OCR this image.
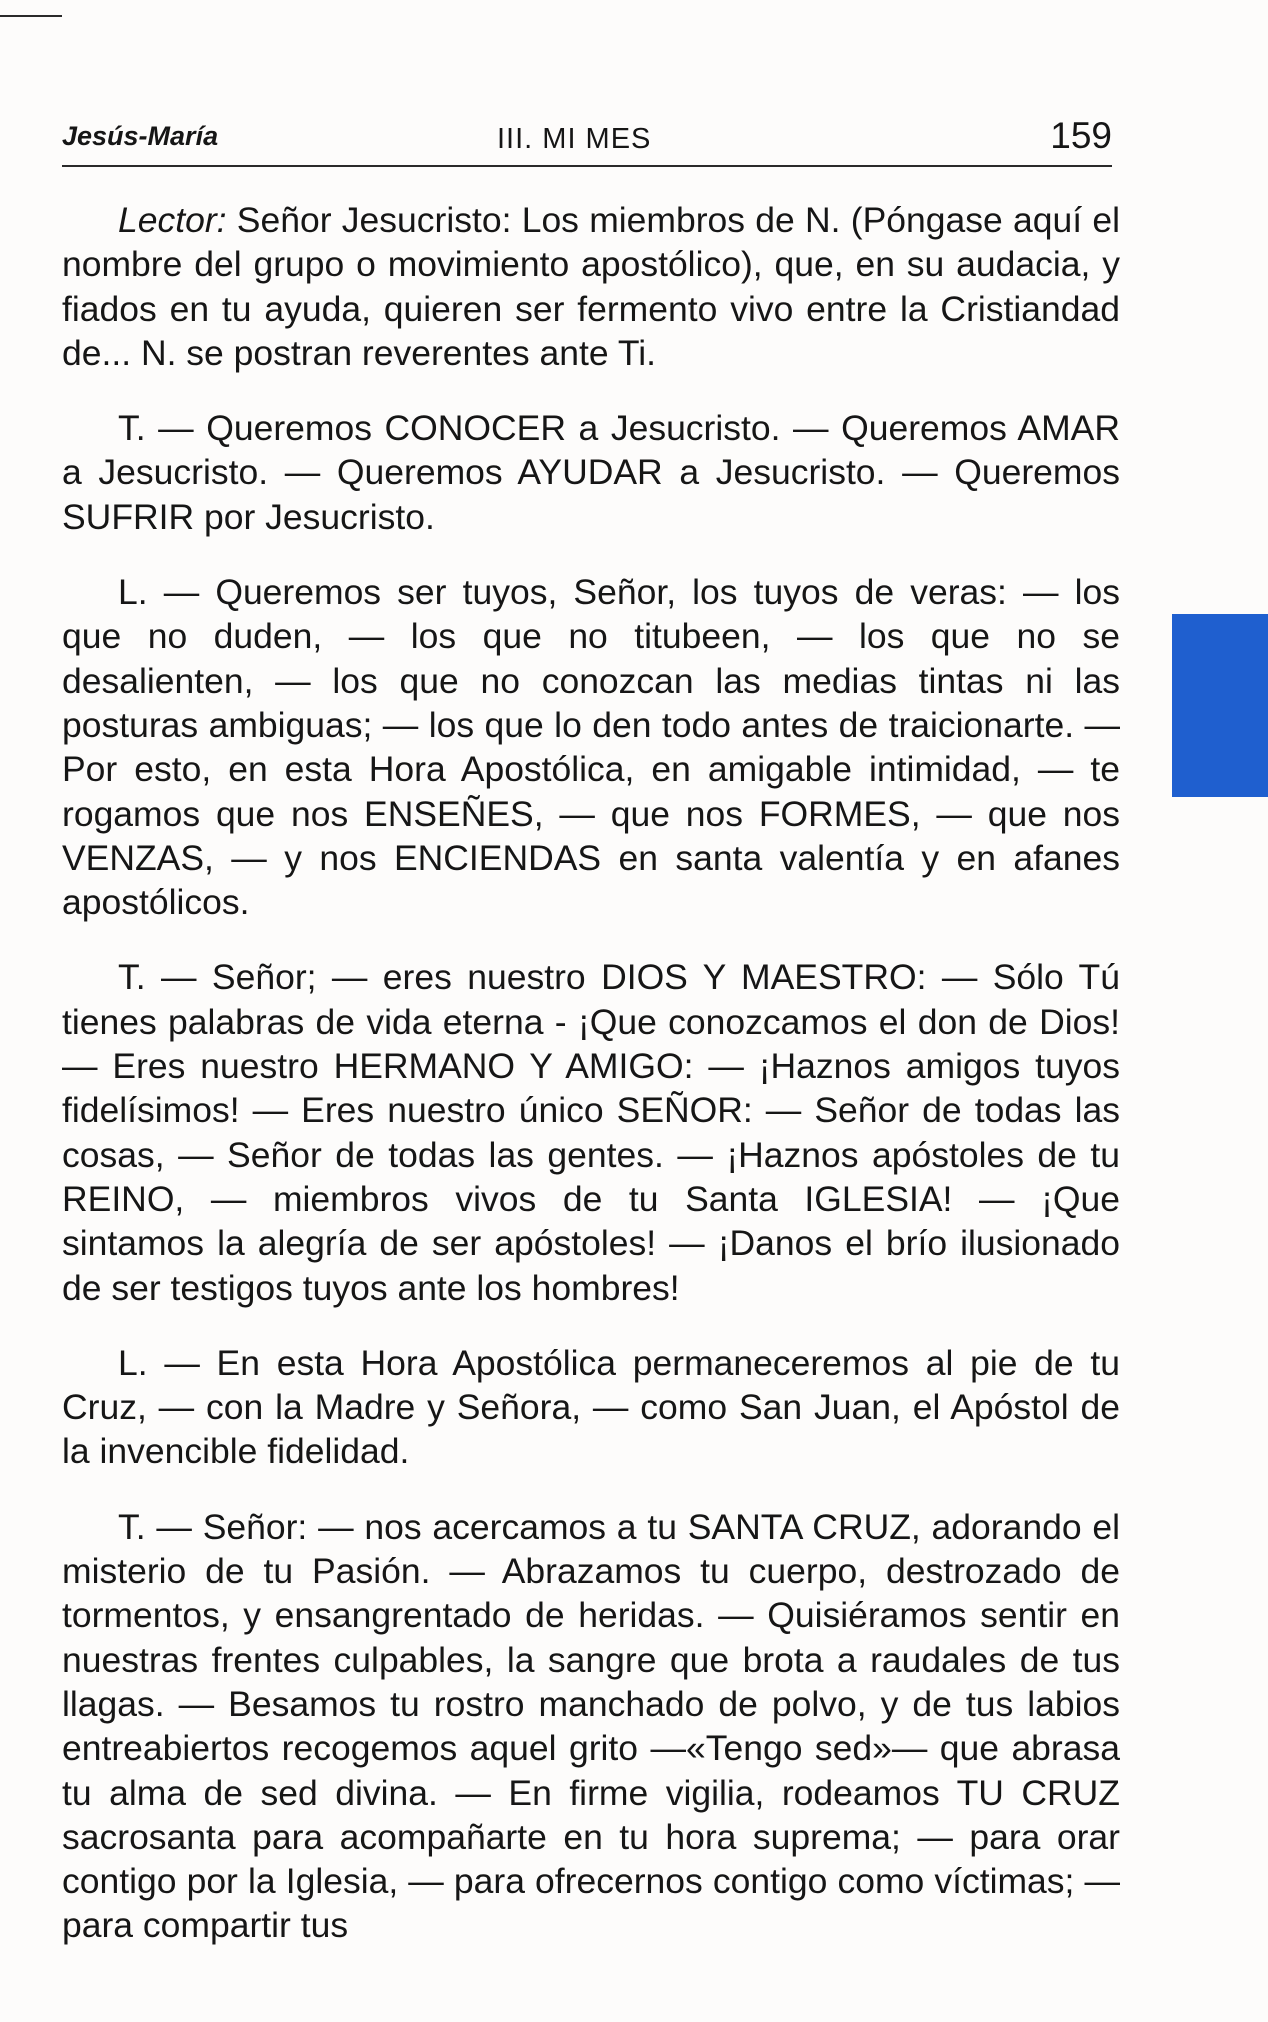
Jesús-María	III. MI MES	159

Lector: Señor Jesucristo: Los miembros de N. (Póngase aquí el nombre del grupo o movimiento apostólico), que, en su audacia, y fiados en tu ayuda, quieren ser fermento vivo entre la Cristiandad de... N. se postran reverentes ante Ti.

T. — Queremos CONOCER a Jesucristo. — Queremos AMAR a Jesucristo. — Queremos AYUDAR a Jesucristo. — Queremos SUFRIR por Jesucristo.

L. — Queremos ser tuyos, Señor, los tuyos de veras: — los que no duden, — los que no titubeen, — los que no se desalienten, — los que no conozcan las medias tintas ni las posturas ambiguas; — los que lo den todo antes de traicionarte. — Por esto, en esta Hora Apostólica, en amigable intimidad, — te rogamos que nos ENSEÑES, — que nos FORMES, — que nos VENZAS, — y nos ENCIENDAS en santa valentía y en afanes apostólicos.

T. — Señor; — eres nuestro DIOS Y MAESTRO: — Sólo Tú tienes palabras de vida eterna - ¡Que conozcamos el don de Dios! — Eres nuestro HERMANO Y AMIGO: — ¡Haznos amigos tuyos fidelísimos! — Eres nuestro único SEÑOR: — Señor de todas las cosas, — Señor de todas las gentes. — ¡Haznos apóstoles de tu REINO, — miembros vivos de tu Santa IGLESIA! — ¡Que sintamos la alegría de ser apóstoles! — ¡Danos el brío ilusionado de ser testigos tuyos ante los hombres!

L. — En esta Hora Apostólica permaneceremos al pie de tu Cruz, — con la Madre y Señora, — como San Juan, el Apóstol de la invencible fidelidad.

T. — Señor: — nos acercamos a tu SANTA CRUZ, adorando el misterio de tu Pasión. — Abrazamos tu cuerpo, destrozado de tormentos, y ensangrentado de heridas. — Quisiéramos sentir en nuestras frentes culpables, la sangre que brota a raudales de tus llagas. — Besamos tu rostro manchado de polvo, y de tus labios entreabiertos recogemos aquel grito —«Tengo sed»— que abrasa tu alma de sed divina. — En firme vigilia, rodeamos TU CRUZ sacrosanta para acompañarte en tu hora suprema; — para orar contigo por la Iglesia, — para ofrecernos contigo como víctimas; — para compartir tus
